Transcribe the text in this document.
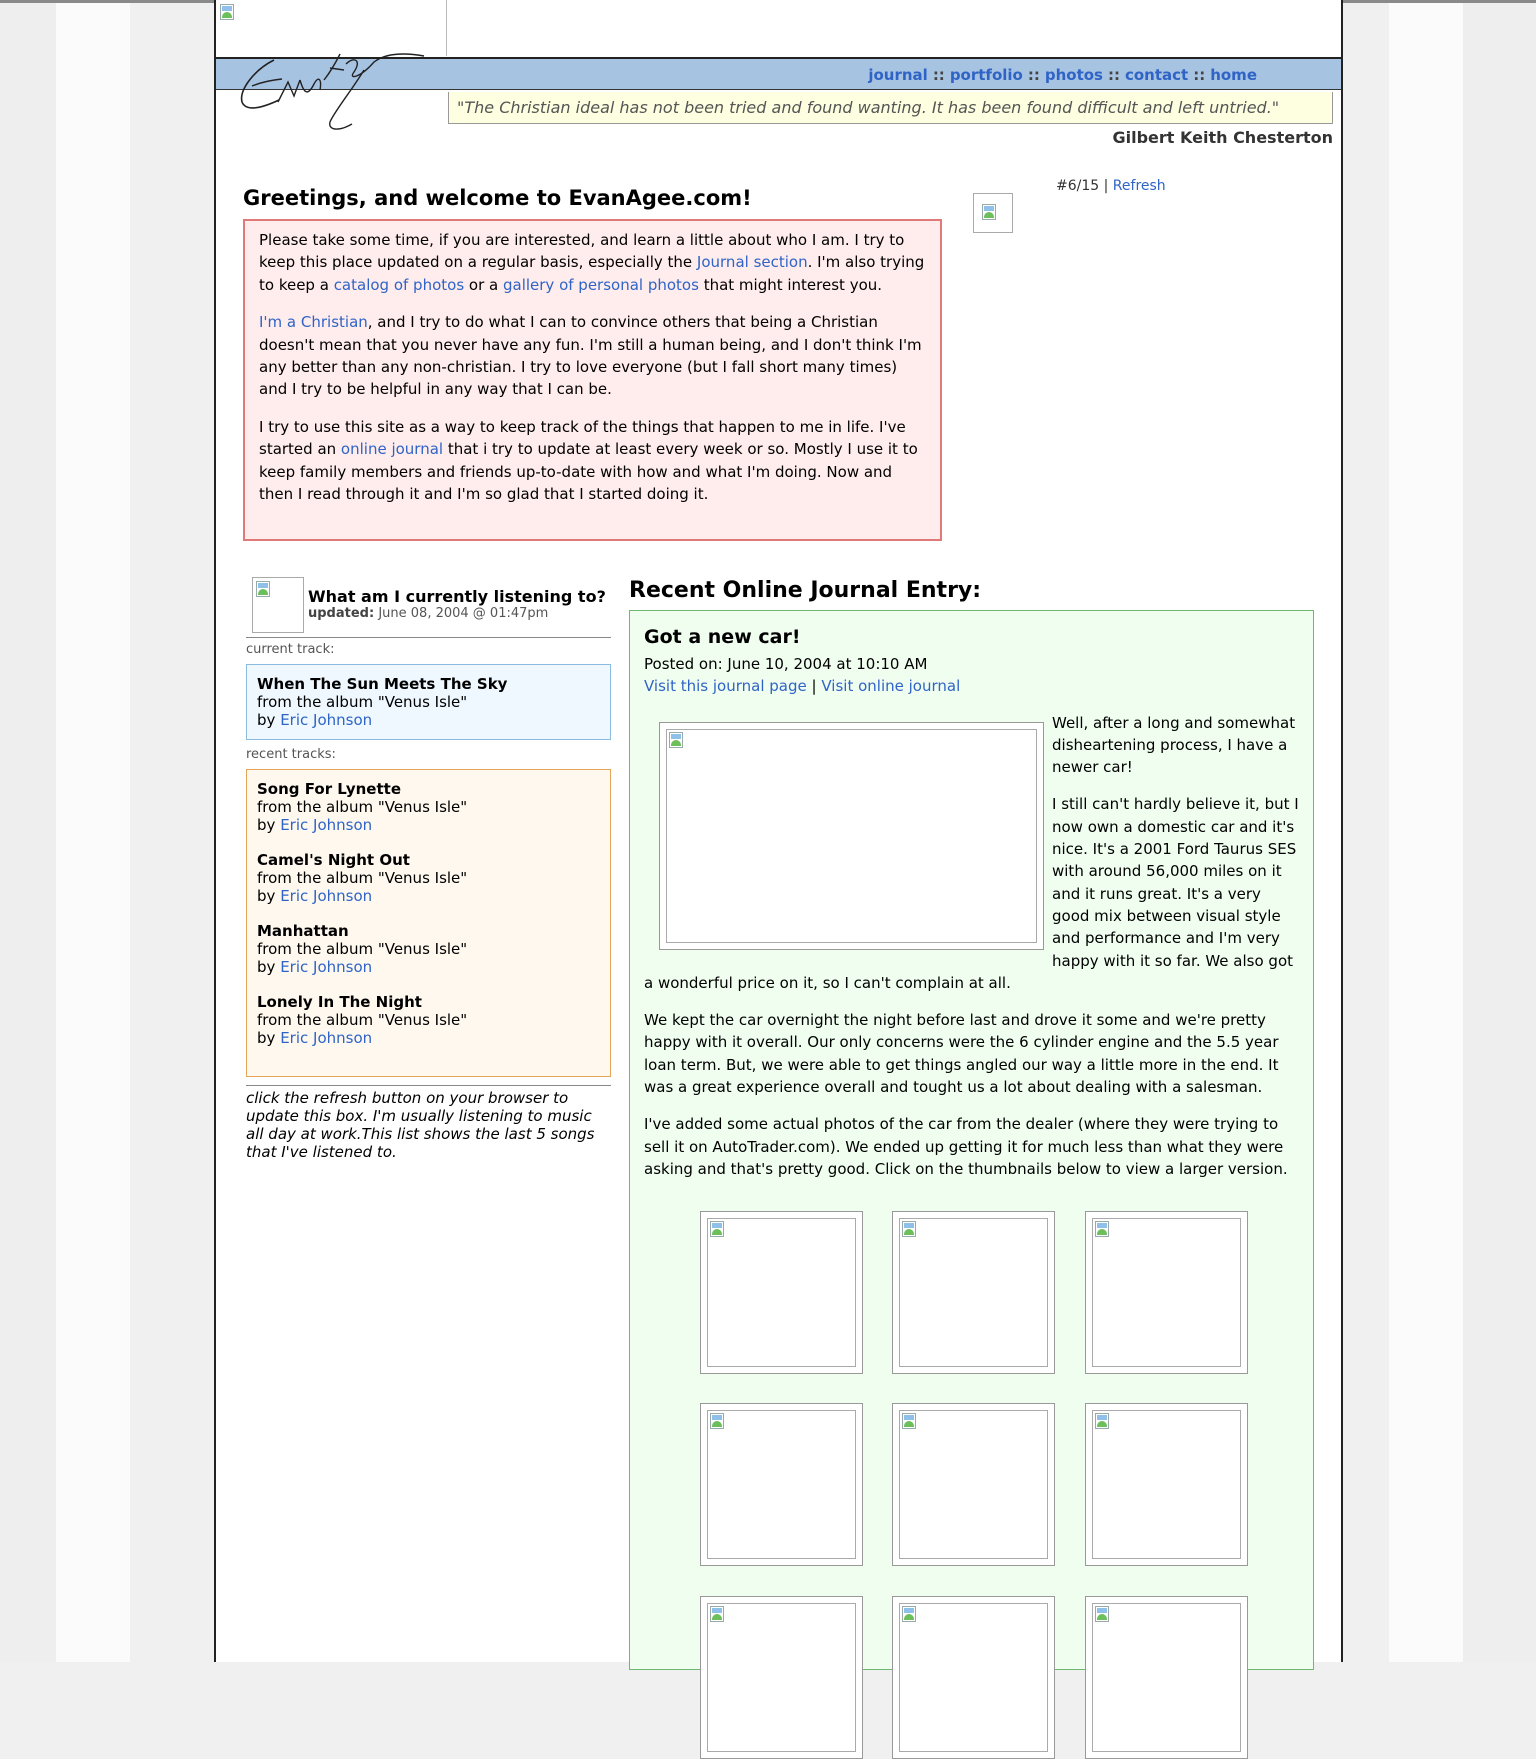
journal :: portfolio :: photos :: contact :: home
"The Christian ideal has not been tried and found wanting. It has been found difficult and left untried."
Gilbert Keith Chesterton
Greetings, and welcome to EvanAgee.com!

Please take some time, if you are interested, and learn a little about who I am. I try to keep this place updated on a regular basis, especially the Journal section. I'm also trying to keep a catalog of photos or a gallery of personal photos that might interest you.

I'm a Christian, and I try to do what I can to convince others that being a Christian doesn't mean that you never have any fun. I'm still a human being, and I don't think I'm any better than any non-christian. I try to love everyone (but I fall short many times) and I try to be helpful in any way that I can be.

I try to use this site as a way to keep track of the things that happen to me in life. I've started an online journal that i try to update at least every week or so. Mostly I use it to keep family members and friends up-to-date with how and what I'm doing. Now and then I read through it and I'm so glad that I started doing it.

#6/15 | Refresh
What am I currently listening to?
updated: June 08, 2004 @ 01:47pm
current track:
When The Sun Meets The Sky
from the album "Venus Isle"
by Eric Johnson
recent tracks:
Song For Lynette
from the album "Venus Isle"
by Eric Johnson
Camel's Night Out
from the album "Venus Isle"
by Eric Johnson
Manhattan
from the album "Venus Isle"
by Eric Johnson
Lonely In The Night
from the album "Venus Isle"
by Eric Johnson
click the refresh button on your browser to update this box. I'm usually listening to music all day at work.This list shows the last 5 songs that I've listened to.
Recent Online Journal Entry:
Got a new car!

Posted on: June 10, 2004 at 10:10 AM

Visit this journal page | Visit online journal

Well, after a long and somewhat disheartening process, I have a newer car!

I still can't hardly believe it, but I now own a domestic car and it's nice. It's a 2001 Ford Taurus SES with around 56,000 miles on it and it runs great. It's a very good mix between visual style and performance and I'm very happy with it so far. We also got a wonderful price on it, so I can't complain at all.

We kept the car overnight the night before last and drove it some and we're pretty happy with it overall. Our only concerns were the 6 cylinder engine and the 5.5 year loan term. But, we were able to get things angled our way a little more in the end. It was a great experience overall and tought us a lot about dealing with a salesman.

I've added some actual photos of the car from the dealer (where they were trying to sell it on AutoTrader.com). We ended up getting it for much less than what they were asking and that's pretty good. Click on the thumbnails below to view a larger version.
